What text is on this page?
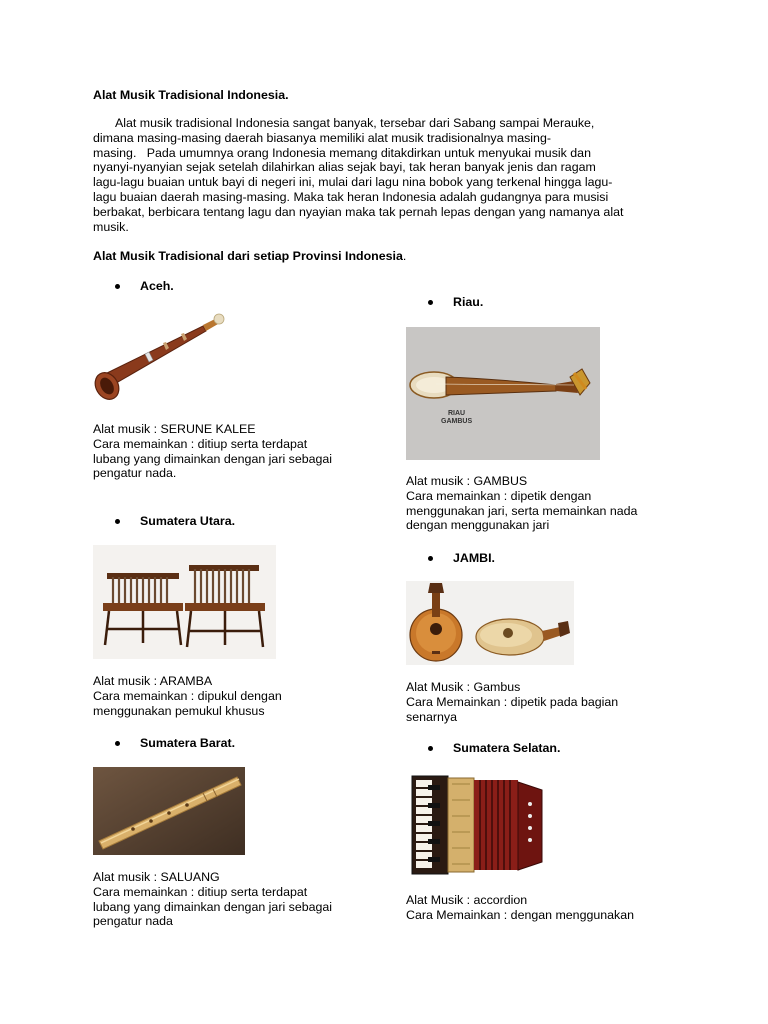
Alat Musik Tradisional Indonesia.

Alat musik tradisional Indonesia sangat banyak, tersebar dari Sabang sampai Merauke,

dimana masing-masing daerah biasanya memiliki alat musik tradisionalnya masing-

masing.   Pada umumnya orang Indonesia memang ditakdirkan untuk menyukai musik dan

nyanyi-nyanyian sejak setelah dilahirkan alias sejak bayi, tak heran banyak jenis dan ragam

lagu-lagu buaian untuk bayi di negeri ini, mulai dari lagu nina bobok yang terkenal hingga lagu-

lagu buaian daerah masing-masing. Maka tak heran Indonesia adalah gudangnya para musisi

berbakat, berbicara tentang lagu dan nyayian maka tak pernah lepas dengan yang namanya alat

musik.

Alat Musik Tradisional dari setiap Provinsi Indonesia.
Aceh.
Alat musik : SERUNE KALEE
Cara memainkan : ditiup serta terdapat
lubang yang dimainkan dengan jari sebagai
pengatur nada.
Sumatera Utara.
Alat musik : ARAMBA
Cara memainkan : dipukul dengan
menggunakan pemukul khusus
Sumatera Barat.
Alat musik : SALUANG
Cara memainkan : ditiup serta terdapat
lubang yang dimainkan dengan jari sebagai
pengatur nada
Riau.
RIAU
GAMBUS
Alat musik : GAMBUS
Cara memainkan : dipetik dengan
menggunakan jari, serta memainkan nada
dengan menggunakan jari
JAMBI.
Alat Musik : Gambus
Cara Memainkan : dipetik pada bagian
senarnya
Sumatera Selatan.
Alat Musik : accordion
Cara Memainkan : dengan menggunakan
